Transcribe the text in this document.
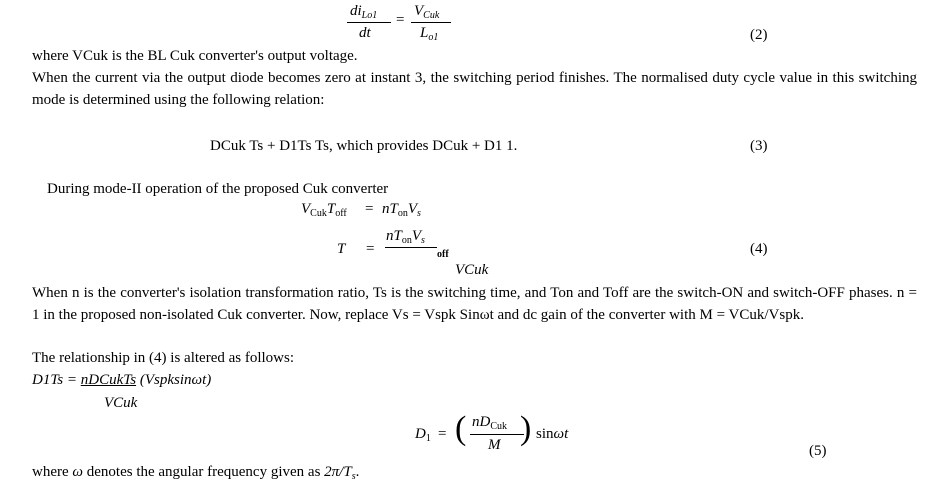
$di_{Lo1}$
dt
=
$V_{Cuk}$
$L_{o1}$	(2)
where VCuk is the BL Cuk converter's output voltage.
When the current via the output diode becomes zero at instant 3, the switching period finishes. The normalised duty cycle value in this switching mode is determined using the following relation:
DCuk Ts + D1Ts Ts, which provides DCuk + D1 1.	(3)
During mode-II operation of the proposed Cuk converter
$V_{Cuk}T_{off} = nT_{on}V_s$
T =
$nT_{on}V_s$
off
VCuk
(4)
When n is the converter's isolation transformation ratio, Ts is the switching time, and Ton and Toff are the switch-ON and switch-OFF phases. n = 1 in the proposed non-isolated Cuk converter. Now, replace Vs = Vspk Sinωt and dc gain of the converter with M = VCuk/Vspk.
The relationship in (4) is altered as follows:
D1Ts = nDCukTs (Vspksinωt)
VCuk
$D_1$ = ( $nD_{Cuk}$
M ) sinωt
(5)
where ω denotes the angular frequency given as $2\pi/T_s$.
